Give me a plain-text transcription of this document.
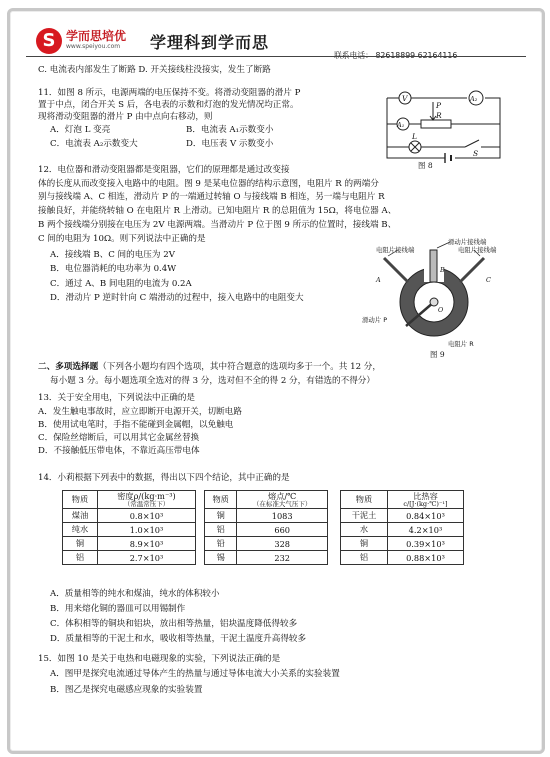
S 学而思培优
www.speiyou.com 学理科到学而思
C. 电流表内部发生了断路 D. 开关接线柱没接实，发生了断路
11．如图 8 所示，电源两端的电压保持不变。将滑动变阻器的滑片 P
置于中点，闭合开关 S 后，各电表的示数和灯泡的发光情况均正常。
现将滑动变阻器的滑片 P 由中点向右移动，则
A．灯泡 L 变亮	B．电流表 A₁示数变小
C．电流表 A₂示数变大	D．电压表 V 示数变小
V
P
R
A₁
A₂
L
S
图 8
12．电位器和滑动变阻器都是变阻器，它们的原理都是通过改变接
体的长度从而改变接入电路中的电阻。图 9 是某电位器的结构示意图，电阻片 R 的两端分
别与接线端 A、C 相连，滑动片 P 的一端通过转轴 O 与接线端 B 相连，另一端与电阻片 R
接触良好，并能绕转轴 O 在电阻片 R 上滑动。已知电阻片 R 的总阻值为 15Ω，将电位器 A、
B 两个接线端分别接在电压为 2V 电源两端。当滑动片 P 位于图 9 所示的位置时，接线端 B、
C 间的电阻为 10Ω。则下列说法中正确的是
A．接线端 B、C 间的电压为 2V
B．电位器消耗的电功率为 0.4W
C．通过 A、B 间电阻的电流为 0.2A
D．滑动片 P 逆时针向 C 端滑动的过程中，接入电路中的电阻变大
滑动片接线端
电阻片接线端	电阻片接线端
滑动片 P
电阻片 R
A
B
C
O
图 9
二、多项选择题（下列各小题均有四个选项，其中符合题意的选项均多于一个。共 12 分，
每小题 3 分。每小题选项全选对的得 3 分，选对但不全的得 2 分，有错选的不得分）
13．关于安全用电，下列说法中正确的是
A．发生触电事故时，应立即断开电源开关，切断电路
B．使用试电笔时，手指不能碰到金属帽，以免触电
C．保险丝熔断后，可以用其它金属丝替换
D．不接触低压带电体，不靠近高压带电体
14．小莉根据下列表中的数据，得出以下四个结论，其中正确的是
物质	密度ρ/(kg·m⁻³)
（常温常压下）

煤油	0.8×10³
纯水	1.0×10³
铜	8.9×10³
铝	2.7×10³
物质	熔点/℃
（在标准大气压下）

铜	1083
铝	660
铅	328
锡	232
物质	比热容
c/[J·(kg·℃)⁻¹]

干泥土	0.84×10³
水	4.2×10³
铜	0.39×10³
铝	0.88×10³
A．质量相等的纯水和煤油，纯水的体积较小
B．用来熔化铜的器皿可以用锡制作
C．体积相等的铜块和铝块，放出相等热量，铝块温度降低得较多
D．质量相等的干泥土和水，吸收相等热量，干泥土温度升高得较多
15．如图 10 是关于电热和电磁现象的实验，下列说法正确的是
A．图甲是探究电流通过导体产生的热量与通过导体电流大小关系的实验装置
B．图乙是探究电磁感应现象的实验装置
